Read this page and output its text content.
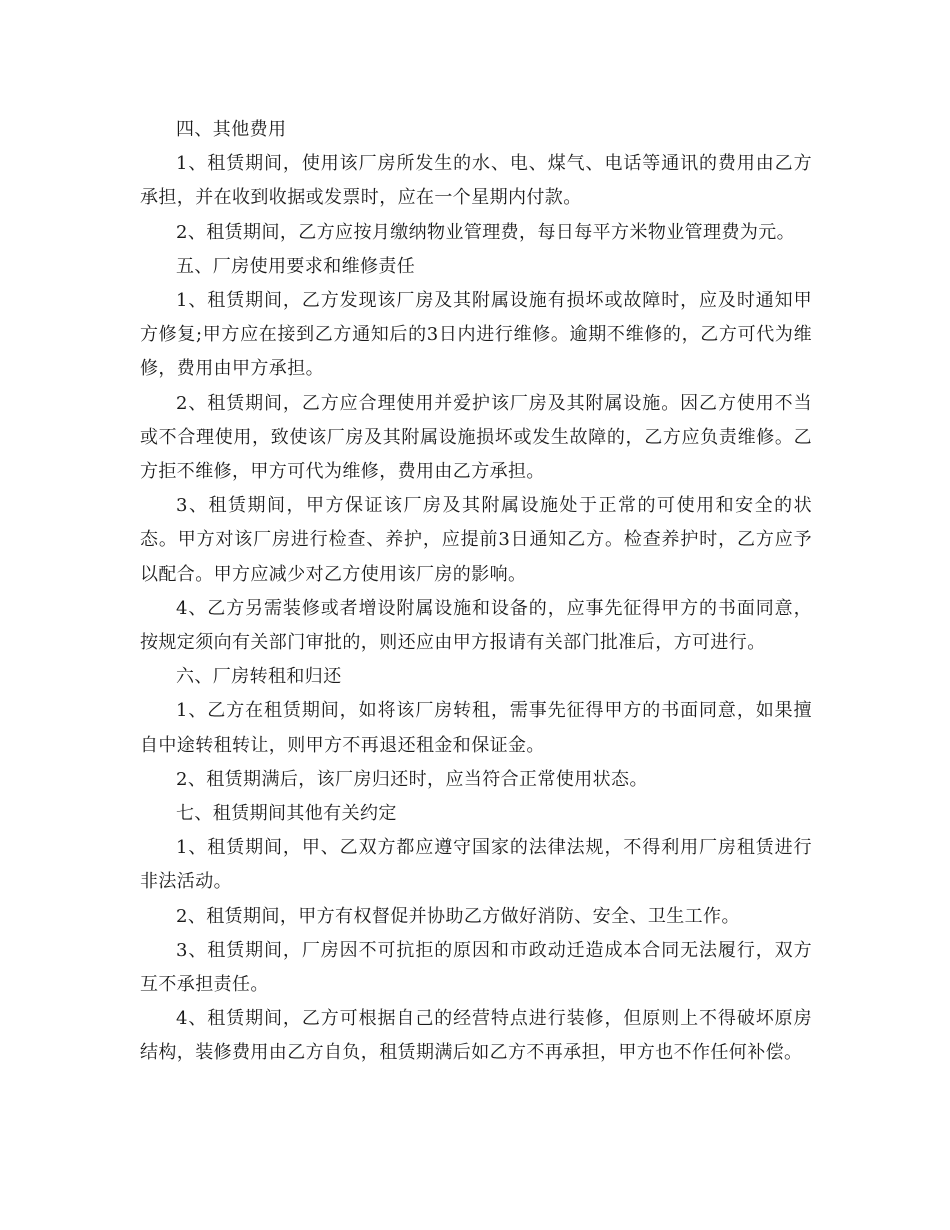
四、其他费用

1、租赁期间，使用该厂房所发生的水、电、煤气、电话等通讯的费用由乙方承担，并在收到收据或发票时，应在一个星期内付款。

2、租赁期间，乙方应按月缴纳物业管理费，每日每平方米物业管理费为元。

五、厂房使用要求和维修责任

1、租赁期间，乙方发现该厂房及其附属设施有损坏或故障时，应及时通知甲方修复;甲方应在接到乙方通知后的3日内进行维修。逾期不维修的，乙方可代为维修，费用由甲方承担。

2、租赁期间，乙方应合理使用并爱护该厂房及其附属设施。因乙方使用不当或不合理使用，致使该厂房及其附属设施损坏或发生故障的，乙方应负责维修。乙方拒不维修，甲方可代为维修，费用由乙方承担。

3、租赁期间，甲方保证该厂房及其附属设施处于正常的可使用和安全的状态。甲方对该厂房进行检查、养护，应提前3日通知乙方。检查养护时，乙方应予以配合。甲方应减少对乙方使用该厂房的影响。

4、乙方另需装修或者增设附属设施和设备的，应事先征得甲方的书面同意，按规定须向有关部门审批的，则还应由甲方报请有关部门批准后，方可进行。

六、厂房转租和归还

1、乙方在租赁期间，如将该厂房转租，需事先征得甲方的书面同意，如果擅自中途转租转让，则甲方不再退还租金和保证金。

2、租赁期满后，该厂房归还时，应当符合正常使用状态。

七、租赁期间其他有关约定

1、租赁期间，甲、乙双方都应遵守国家的法律法规，不得利用厂房租赁进行非法活动。

2、租赁期间，甲方有权督促并协助乙方做好消防、安全、卫生工作。

3、租赁期间，厂房因不可抗拒的原因和市政动迁造成本合同无法履行，双方互不承担责任。

4、租赁期间，乙方可根据自己的经营特点进行装修，但原则上不得破坏原房结构，装修费用由乙方自负，租赁期满后如乙方不再承担，甲方也不作任何补偿。
